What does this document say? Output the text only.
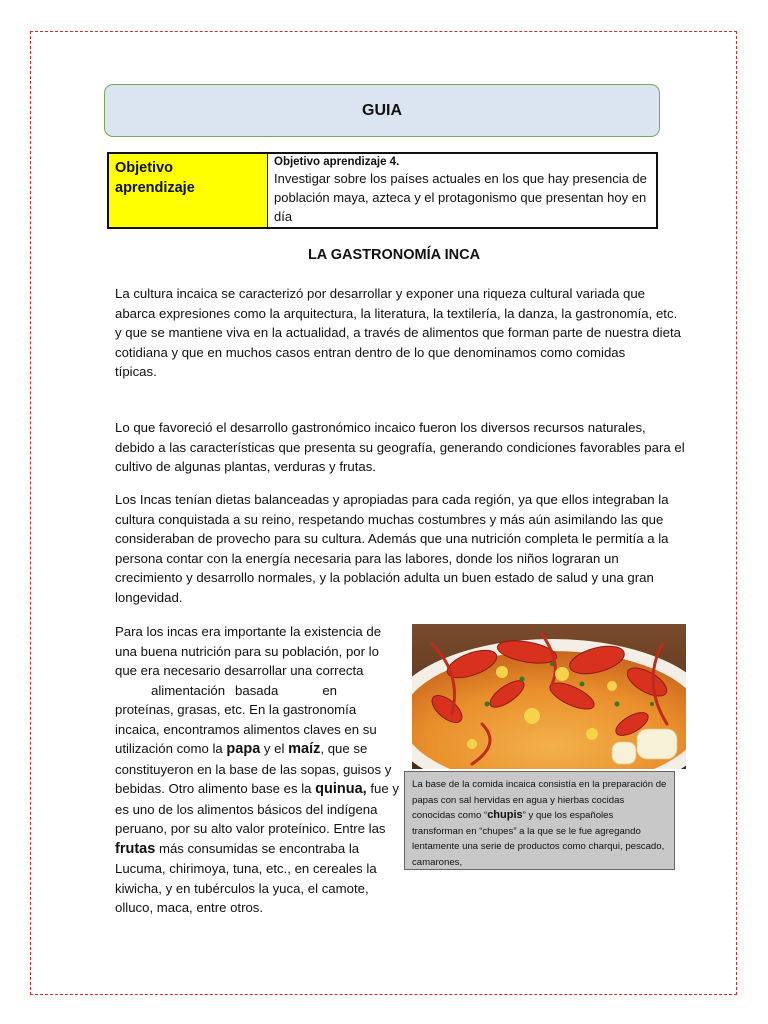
GUIA
Objetivo
aprendizaje
Objetivo aprendizaje 4.
Investigar sobre los países actuales en los que hay presencia de población maya, azteca y el protagonismo que presentan hoy en día
LA GASTRONOMÍA INCA

La cultura incaica se caracterizó por desarrollar y exponer una riqueza cultural variada que abarca expresiones como la arquitectura, la literatura, la textilería, la danza, la gastronomía, etc. y que se mantiene viva en la actualidad, a través de alimentos que forman parte de nuestra dieta cotidiana y que en muchos casos entran dentro de lo que denominamos como comidas
típicas.

Lo que favoreció el desarrollo gastronómico incaico fueron los diversos recursos naturales, debido a las características que presenta su geografía, generando condiciones favorables para el cultivo de algunas plantas, verduras y frutas.

Los Incas tenían dietas balanceadas y apropiadas para cada región, ya que ellos integraban la cultura conquistada a su reino, respetando muchas costumbres y más aún asimilando las que consideraban de provecho para su cultura. Además que una nutrición completa le permitía a la persona contar con la energía necesaria para las labores, donde los niños lograran un crecimiento y desarrollo normales, y la población adulta un buen estado de salud y una gran longevidad.

Para los incas era importante la existencia de una buena nutrición para su población, por lo que era necesario desarrollar una correcta
alimentación basada	en
proteínas, grasas, etc. En la gastronomía incaica, encontramos alimentos claves en su utilización como la papa y el maíz, que se constituyeron en la base de las sopas, guisos y bebidas. Otro alimento base es la quinua, fue y es uno de los alimentos básicos del indígena peruano, por su alto valor proteínico. Entre las frutas más consumidas se encontraba la Lucuma, chirimoya, tuna, etc., en cereales la kiwicha, y en tubérculos la yuca, el camote, olluco, maca, entre otros.

La base de la comida incaica consistía en la preparación de papas con sal hervidas en agua y hierbas cocidas conocidas como “chupis” y que los españoles transforman en “chupes” a la que se le fue agregando lentamente una serie de productos como charqui, pescado, camarones,
